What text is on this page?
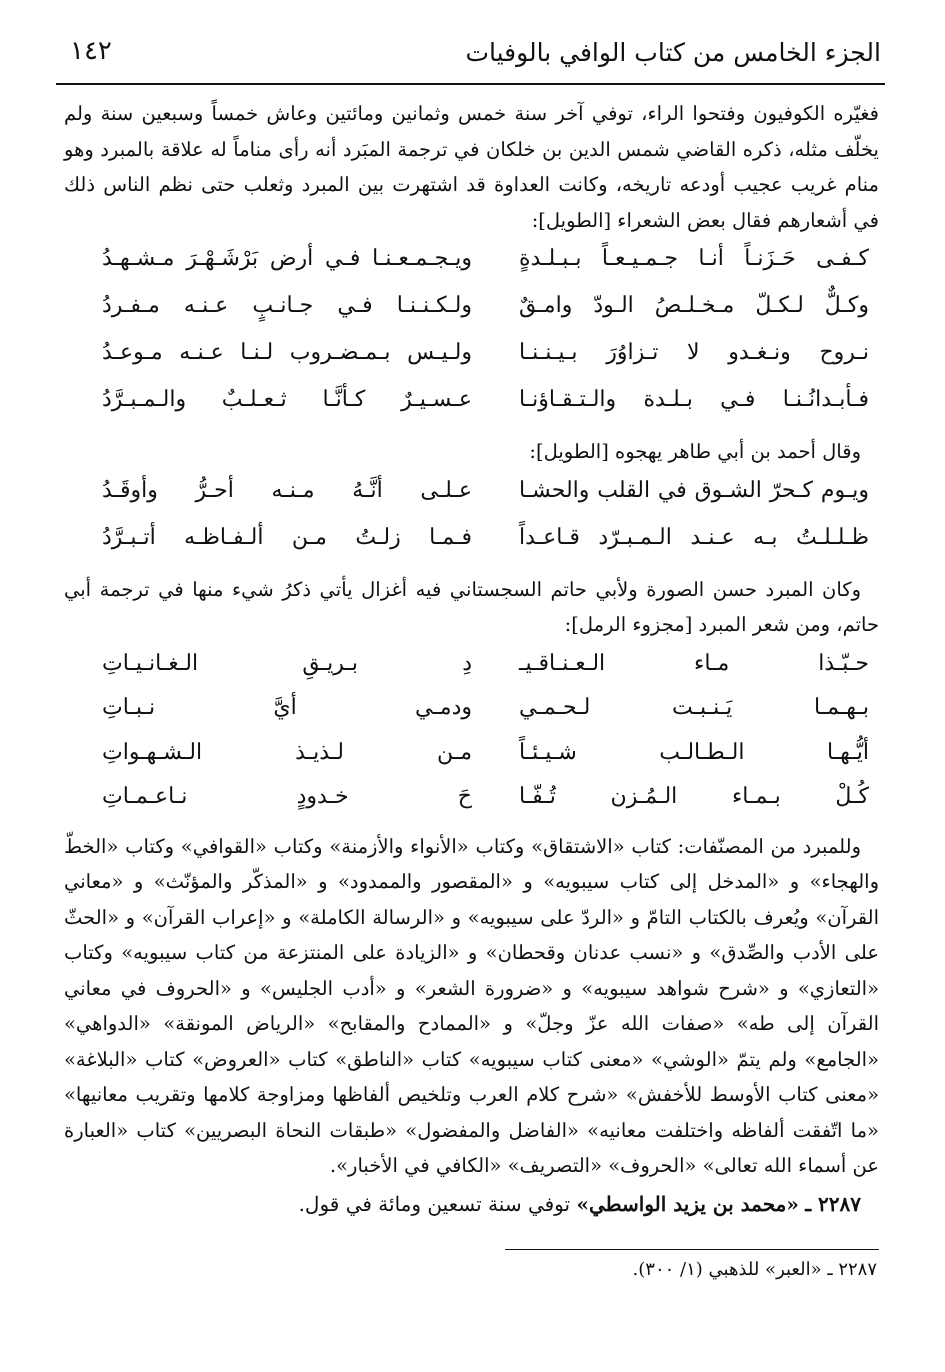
الجزء الخامس من كتاب الوافي بالوفيات
١٤٢

فغيّره الكوفيون وفتحوا الراء، توفي آخر سنة خمس وثمانين ومائتين وعاش خمساً وسبعين سنة ولم يخلّف مثله، ذكره القاضي شمس الدين بن خلكان في ترجمة المبَرد أنه رأى مناماً له علاقة بالمبرد وهو منام غريب عجيب أودعه تاريخه، وكانت العداوة قد اشتهرت بين المبرد وثعلب حتى نظم الناس ذلك في أشعارهم فقال بعض الشعراء [الطويل]:

كـفـى حَـزَنـاً أنـا جـمـيـعـاً بـبـلـدةٍ
ويـجـمـعـنـا فـي أرض بَرْشَـهْـرَ مـشـهـدُ
وكـلٌّ لـكـلّ مـخـلـصُ الـودّ وامـقٌ
ولـكـنـنـا فـي جـانـبٍ عـنـه مـفـردُ
نـروح ونـغـدو لا تـزاوُرَ بـيـنـنـا
ولـيـس بـمـضـروب لـنـا عـنـه مـوعـدُ
فـأبـدانُـنـا فـي بـلـدة والـتـقـاؤنـا
عـسـيـرٌ كـأنَّـا ثـعـلـبٌ والـمـبـرَّدُ

وقال أحمد بن أبي طاهر يهجوه [الطويل]:

ويـوم كـحرّ الشـوق في القلب والحشـا
عـلـى أنَّـهُ مـنـه أحـرُّ وأوقَـدُ
ظـلـلـتُ بـه عـنـد الـمـبـرّد قـاعـداً
فـمـا زلـتُ مـن ألـفـاظـه أتـبـرَّدُ

وكان المبرد حسن الصورة ولأبي حاتم السجستاني فيه أغزال يأتي ذكرُ شيء منها في ترجمة أبي حاتم، ومن شعر المبرد [مجزوء الرمل]:

حـبّـذا مـاء الـعـنـاقـيـ
دِ بـريـقِ الـغـانـيـاتِ
بـهـمـا يَـنـبـت لـحـمـي
ودمـي أيَّ نـبـاتِ
أيُّـهـا الـطـالـب شـيـئـاً
مـن لـذيـذ الـشـهـواتِ
كُـلْ بـمـاء الـمُـزن تُـفّـا
حَ خـدودٍ نـاعـمـاتِ

وللمبرد من المصنّفات: كتاب «الاشتقاق» وكتاب «الأنواء والأزمنة» وكتاب «القوافي» وكتاب «الخطّ والهجاء» و «المدخل إلى كتاب سيبويه» و «المقصور والممدود» و «المذكّر والمؤنّث» و «معاني القرآن» ويُعرف بالكتاب التامّ و «الردّ على سيبويه» و «الرسالة الكاملة» و «إعراب القرآن» و «الحثّ على الأدب والصِّدق» و «نسب عدنان وقحطان» و «الزيادة على المنتزعة من كتاب سيبويه» وكتاب «التعازي» و «شرح شواهد سيبويه» و «ضرورة الشعر» و «أدب الجليس» و «الحروف في معاني القرآن إلى طه» «صفات الله عزّ وجلّ» و «الممادح والمقابح» «الرياض المونقة» «الدواهي» «الجامع» ولم يتمّ «الوشي» «معنى كتاب سيبويه» كتاب «الناطق» كتاب «العروض» كتاب «البلاغة» «معنى كتاب الأوسط للأخفش» «شرح كلام العرب وتلخيص ألفاظها ومزاوجة كلامها وتقريب معانيها» «ما اتّفقت ألفاظه واختلفت معانيه» «الفاضل والمفضول» «طبقات النحاة البصريين» كتاب «العبارة عن أسماء الله تعالى» «الحروف» «التصريف» «الكافي في الأخبار».

٢٢٨٧ ـ «محمد بن يزيد الواسطي» توفي سنة تسعين ومائة في قول.

٢٢٨٧ ـ «العبر» للذهبي (١/ ٣٠٠).
